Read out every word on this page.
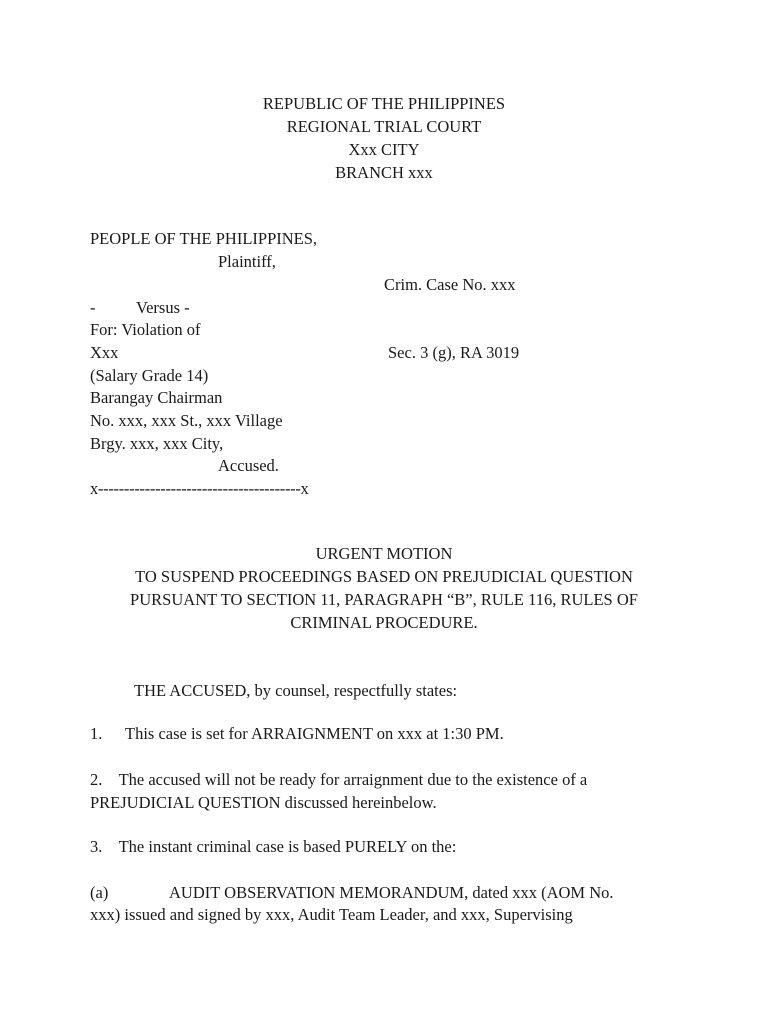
REPUBLIC OF THE PHILIPPINES
REGIONAL TRIAL COURT
Xxx CITY
BRANCH xxx
PEOPLE OF THE PHILIPPINES,
Plaintiff,
Crim. Case No. xxx
- Versus -
For: Violation of
Xxx	Sec. 3 (g), RA 3019
(Salary Grade 14)
Barangay Chairman
No. xxx, xxx St., xxx Village
Brgy. xxx, xxx City,
Accused.
x---------------------------------------x
URGENT MOTION
TO SUSPEND PROCEEDINGS BASED ON PREJUDICIAL QUESTION
PURSUANT TO SECTION 11, PARAGRAPH “B”, RULE 116, RULES OF
CRIMINAL PROCEDURE.
THE ACCUSED, by counsel, respectfully states:
1. This case is set for ARRAIGNMENT on xxx at 1:30 PM.
2.    The accused will not be ready for arraignment due to the existence of a
PREJUDICIAL QUESTION discussed hereinbelow.
3.    The instant criminal case is based PURELY on the:
(a)	AUDIT OBSERVATION MEMORANDUM, dated xxx (AOM No.
xxx) issued and signed by xxx, Audit Team Leader, and xxx, Supervising
